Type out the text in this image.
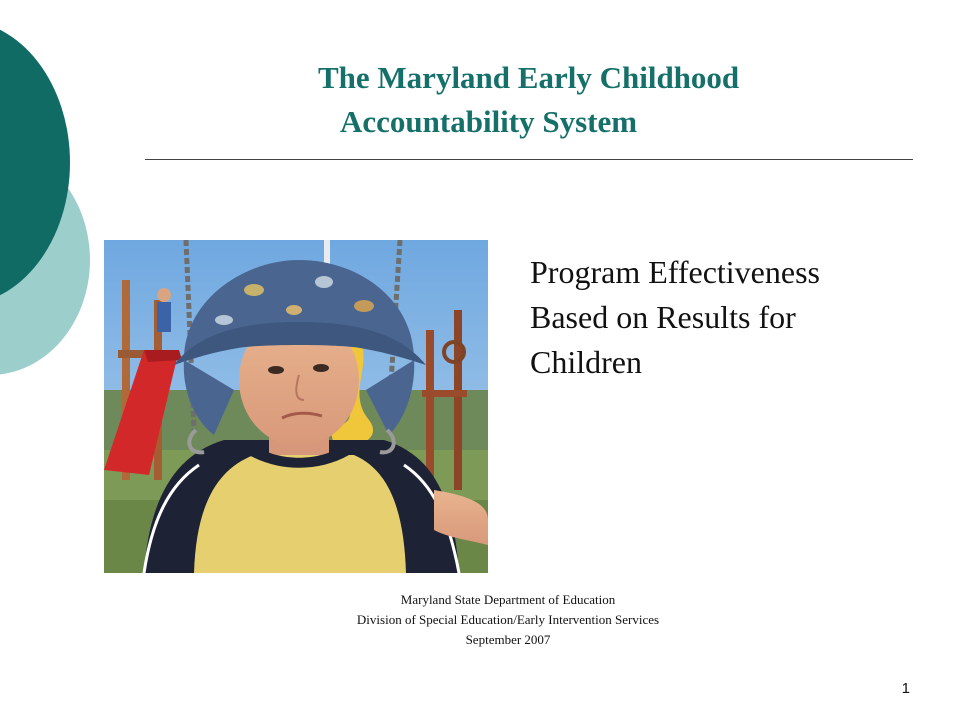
The Maryland Early Childhood
Accountability System
Program Effectiveness
Based on Results for
Children
Maryland State Department of Education
Division of Special Education/Early Intervention Services
September 2007
1
